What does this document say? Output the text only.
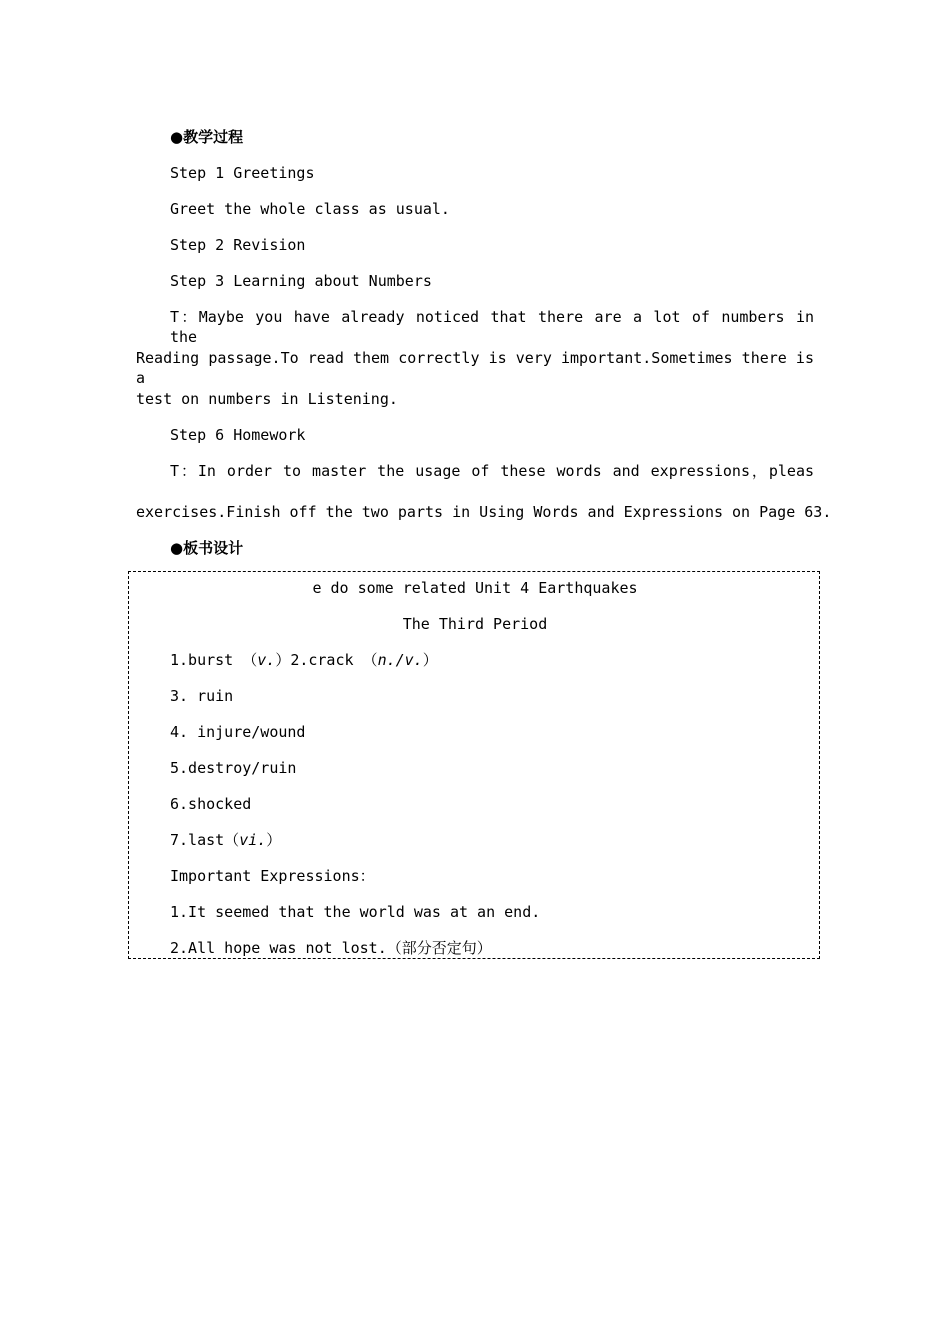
●教学过程
Step 1 Greetings
Greet the whole class as usual.
Step 2 Revision
Step 3 Learning about Numbers
T：Maybe you have already noticed that there are a lot of numbers in the
Reading passage.To read them correctly is very important.Sometimes there is a
test on numbers in Listening.
Step 6 Homework
T：In order to master the usage of these words and expressions，pleas
exercises.Finish off the two parts in Using Words and Expressions on Page 63.
●板书设计
e do some related Unit 4 Earthquakes
The Third Period
1.burst （v.）2.crack （n./v.）
3. ruin
4. injure/wound
5.destroy/ruin
6.shocked
7.last（vi.）
Important Expressions：
1.It seemed that the world was at an end.
2.All hope was not lost.（部分否定句）
